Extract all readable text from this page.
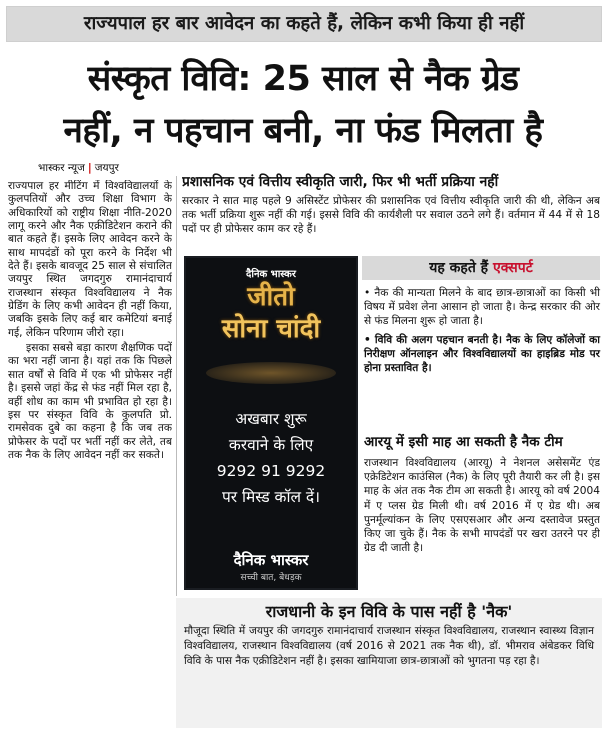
राज्यपाल हर बार आवेदन का कहते हैं, लेकिन कभी किया ही नहीं
संस्कृत विवि: 25 साल से नैक ग्रेड
नहीं, न पहचान बनी, ना फंड मिलता है
भास्कर न्यूज | जयपुर

राज्यपाल हर मीटिंग में विश्वविद्यालयों के कुलपतियों और उच्च शिक्षा विभाग के अधिकारियों को राष्ट्रीय शिक्षा नीति-2020 लागू करने और नैक एक्रीडिटेशन कराने की बात कहते हैं। इसके लिए आवेदन करने के साथ मापदंडों को पूरा करने के निर्देश भी देते हैं। इसके बावजूद 25 साल से संचालित जयपुर स्थित जगदगुरु रामानंदाचार्य राजस्थान संस्कृत विश्वविद्यालय ने नैक ग्रेडिंग के लिए कभी आवेदन ही नहीं किया, जबकि इसके लिए कई बार कमेटियां बनाई गई, लेकिन परिणाम जीरो रहा।

इसका सबसे बड़ा कारण शैक्षणिक पदों का भरा नहीं जाना है। यहां तक कि पिछले सात वर्षों से विवि में एक भी प्रोफेसर नहीं है। इससे जहां केंद्र से फंड नहीं मिल रहा है, वहीं शोध का काम भी प्रभावित हो रहा है। इस पर संस्कृत विवि के कुलपति प्रो. रामसेवक दुबे का कहना है कि जब तक प्रोफेसर के पदों पर भर्ती नहीं कर लेते, तब तक नैक के लिए आवेदन नहीं कर सकते।

प्रशासनिक एवं वित्तीय स्वीकृति जारी, फिर भी भर्ती प्रक्रिया नहीं
सरकार ने सात माह पहले 9 असिस्टेंट प्रोफेसर की प्रशासनिक एवं वित्तीय स्वीकृति जारी की थी, लेकिन अब तक भर्ती प्रक्रिया शुरू नहीं की गई। इससे विवि की कार्यशैली पर सवाल उठने लगे हैं। वर्तमान में 44 में से 18 पदों पर ही प्रोफेसर काम कर रहे हैं।
दैनिक भास्कर
जीतो
सोना चांदी
अखबार शुरू
करवाने के लिए
9292 91 9292
पर मिस्ड कॉल दें।
दैनिक भास्कर
सच्ची बात, बेधड़क
यह कहते हैं एक्सपर्ट
• नैक की मान्यता मिलने के बाद छात्र-छात्राओं का किसी भी विषय में प्रवेश लेना आसान हो जाता है। केन्द्र सरकार की ओर से फंड मिलना शुरू हो जाता है।
• विवि की अलग पहचान बनती है। नैक के लिए कॉलेजों का निरीक्षण ऑनलाइन और विश्वविद्यालयों का हाइब्रिड मोड पर होना प्रस्तावित है।
आरयू में इसी माह आ सकती है नैक टीम
राजस्थान विश्वविद्यालय (आरयू) ने नेशनल असेसमेंट एंड एक्रेडिटेशन काउंसिल (नैक) के लिए पूरी तैयारी कर ली है। इस माह के अंत तक नैक टीम आ सकती है। आरयू को वर्ष 2004 में ए प्लस ग्रेड मिली थी। वर्ष 2016 में ए ग्रेड थी। अब पुनर्मूल्यांकन के लिए एसएसआर और अन्य दस्तावेज प्रस्तुत किए जा चुके हैं। नैक के सभी मापदंडों पर खरा उतरने पर ही ग्रेड दी जाती है।
राजधानी के इन विवि के पास नहीं है 'नैक'
मौजूदा स्थिति में जयपुर की जगदगुरु रामानंदाचार्य राजस्थान संस्कृत विश्वविद्यालय, राजस्थान स्वास्थ्य विज्ञान विश्वविद्यालय, राजस्थान विश्वविद्यालय (वर्ष 2016 से 2021 तक नैक थी), डॉ. भीमराव अंबेडकर विधि विवि के पास नैक एक्रीडिटेशन नहीं है। इसका खामियाजा छात्र-छात्राओं को भुगतना पड़ रहा है।
